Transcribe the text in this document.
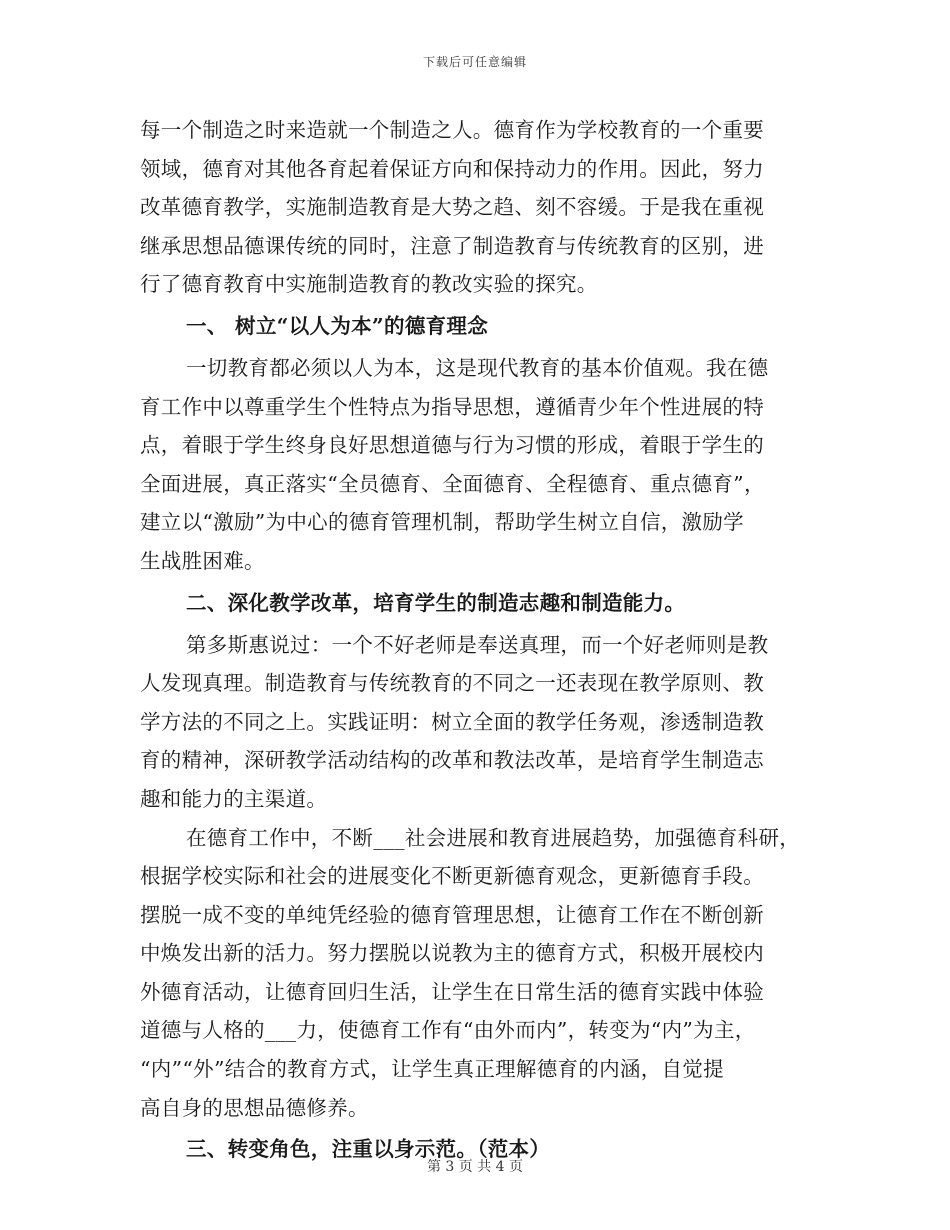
下载后可任意编辑
每一个制造之时来造就一个制造之人。德育作为学校教育的一个重要
领域，德育对其他各育起着保证方向和保持动力的作用。因此，努力
改革德育教学，实施制造教育是大势之趋、刻不容缓。于是我在重视
继承思想品德课传统的同时，注意了制造教育与传统教育的区别，进
行了德育教育中实施制造教育的教改实验的探究。
一、 树立“以人为本”的德育理念
一切教育都必须以人为本，这是现代教育的基本价值观。我在德
育工作中以尊重学生个性特点为指导思想，遵循青少年个性进展的特
点，着眼于学生终身良好思想道德与行为习惯的形成，着眼于学生的
全面进展，真正落实“全员德育、全面德育、全程德育、重点德育”，
建立以“激励”为中心的德育管理机制，帮助学生树立自信，激励学
生战胜困难。
二、深化教学改革，培育学生的制造志趣和制造能力。
第多斯惠说过：一个不好老师是奉送真理，而一个好老师则是教
人发现真理。制造教育与传统教育的不同之一还表现在教学原则、教
学方法的不同之上。实践证明：树立全面的教学任务观，渗透制造教
育的精神，深研教学活动结构的改革和教法改革，是培育学生制造志
趣和能力的主渠道。
在德育工作中，不断___社会进展和教育进展趋势，加强德育科研，
根据学校实际和社会的进展变化不断更新德育观念，更新德育手段。
摆脱一成不变的单纯凭经验的德育管理思想，让德育工作在不断创新
中焕发出新的活力。努力摆脱以说教为主的德育方式，积极开展校内
外德育活动，让德育回归生活，让学生在日常生活的德育实践中体验
道德与人格的___力，使德育工作有“由外而内”，转变为“内”为主，
“内”“外”结合的教育方式，让学生真正理解德育的内涵，自觉提
高自身的思想品德修养。
三、转变角色，注重以身示范。（范本）
第 3 页 共 4 页
